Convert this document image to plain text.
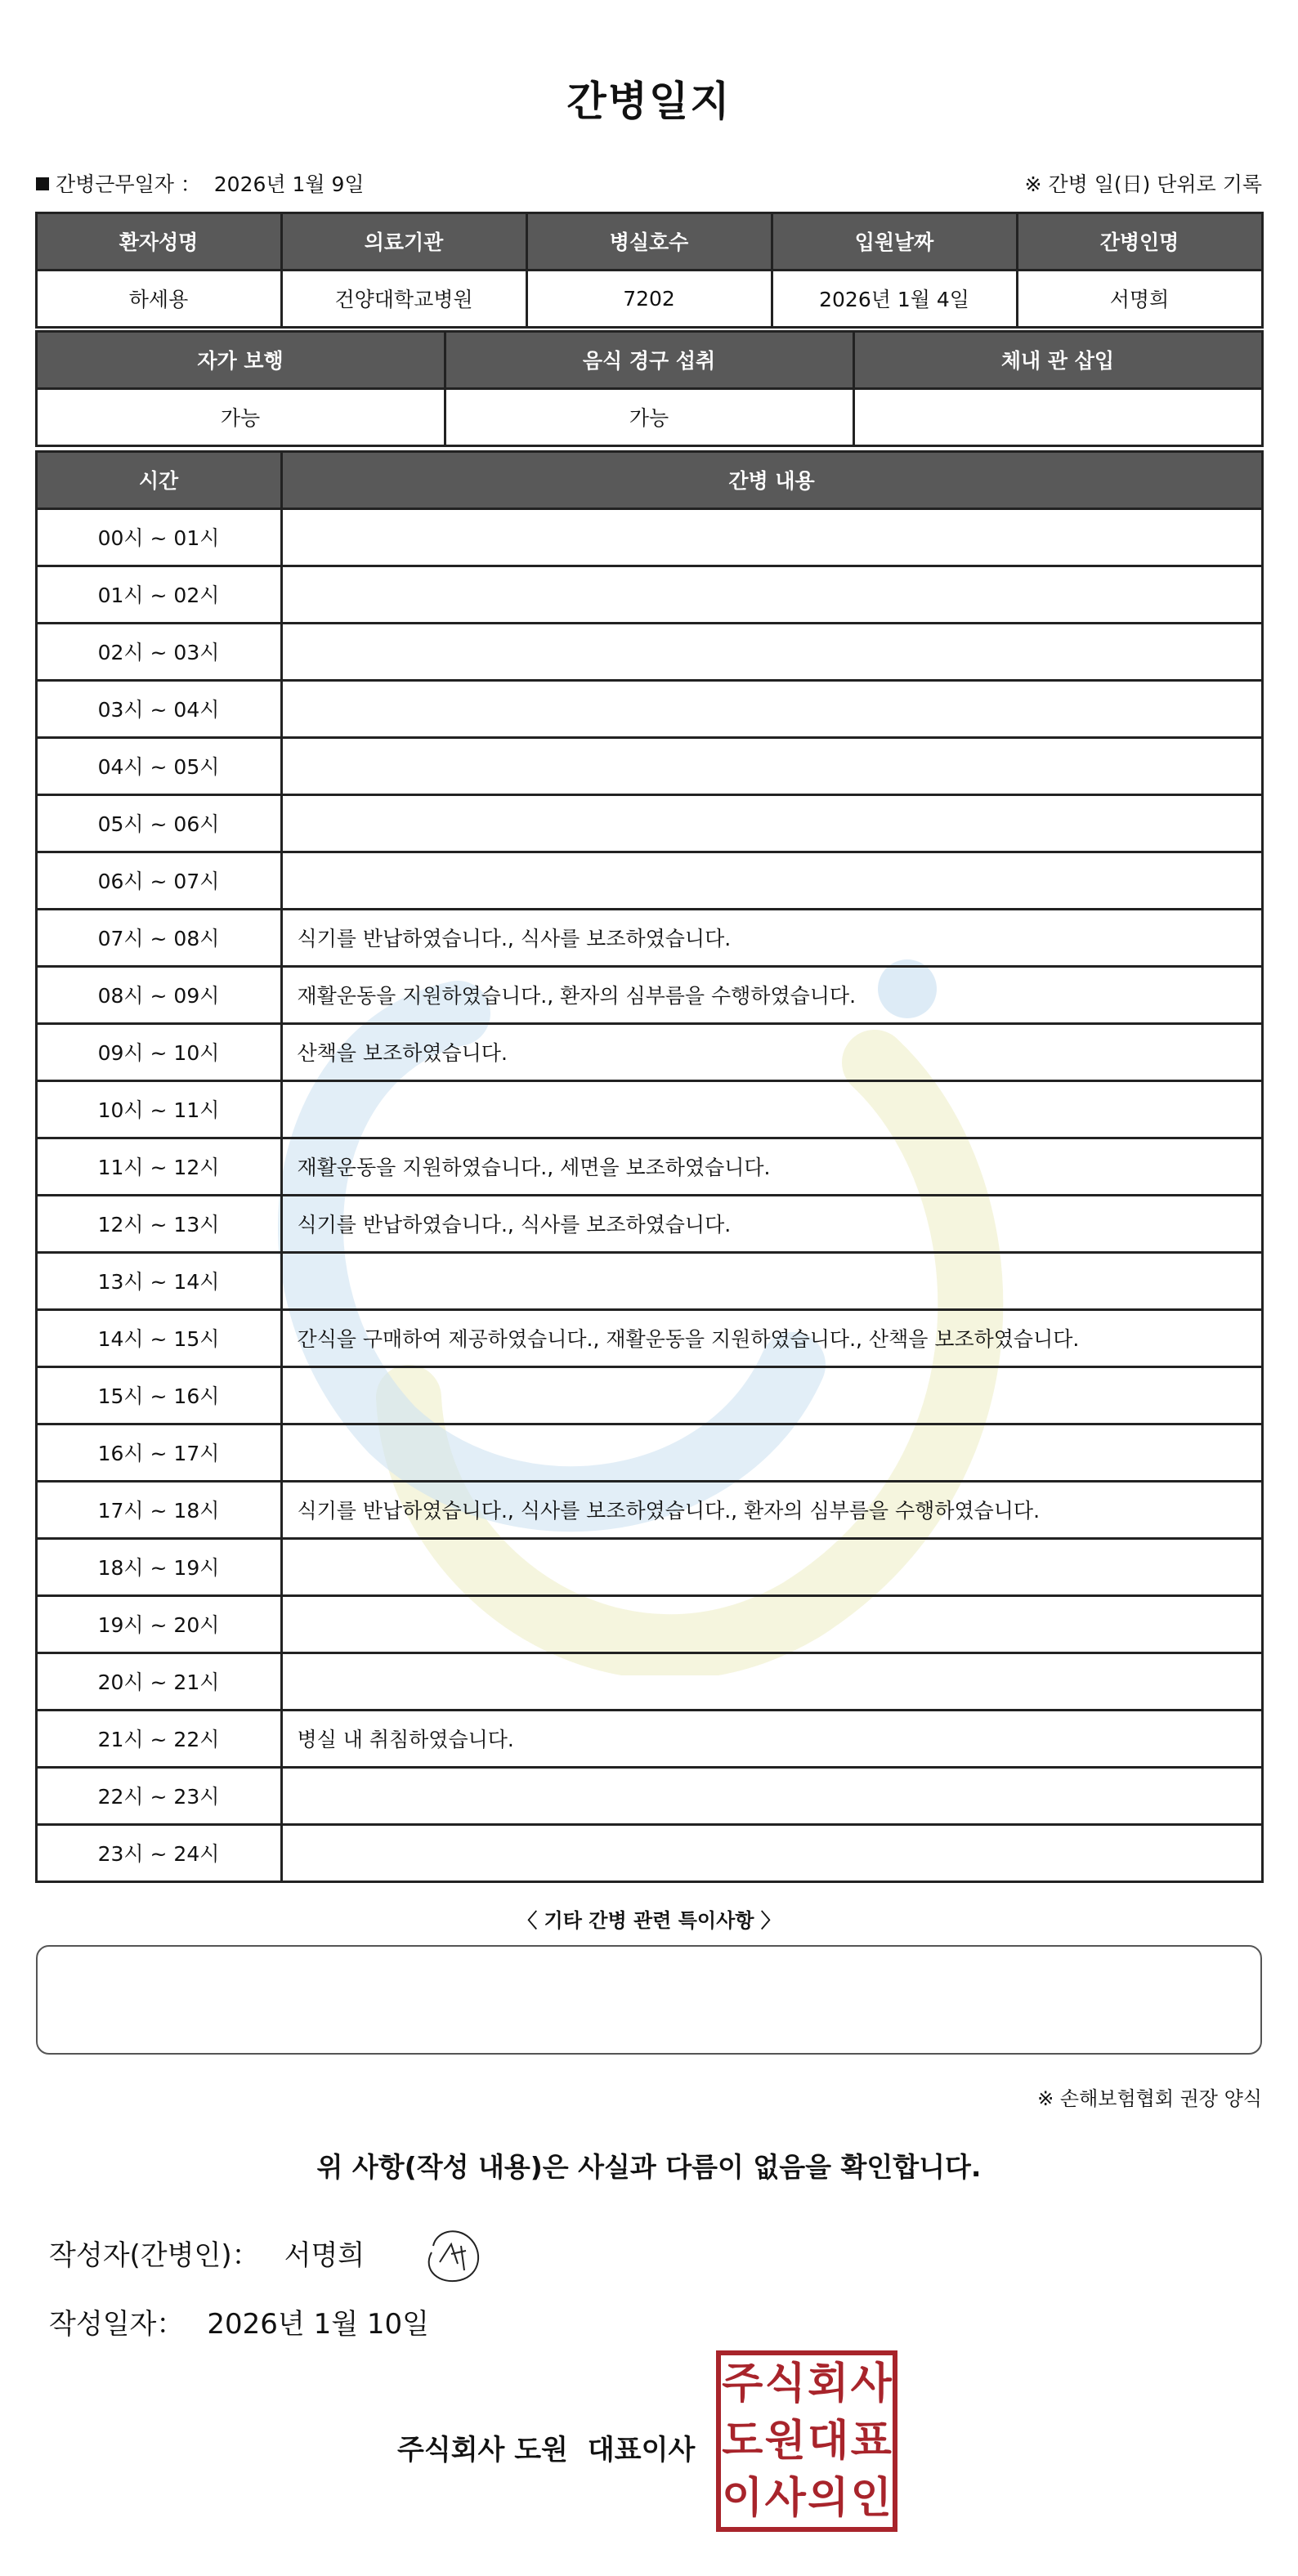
간병일지
간병근무일자 ： 2026년 1월 9일	※ 간병 일(日) 단위로 기록
환자성명	의료기관	병실호수	입원날짜	간병인명
하세용	건양대학교병원	7202	2026년 1월 4일	서명희
자가 보행	음식 경구 섭취	체내 관 삽입
가능	가능
시간	간병 내용
00시 ~ 01시
01시 ~ 02시
02시 ~ 03시
03시 ~ 04시
04시 ~ 05시
05시 ~ 06시
06시 ~ 07시
07시 ~ 08시	식기를 반납하였습니다., 식사를 보조하였습니다.
08시 ~ 09시	재활운동을 지원하였습니다., 환자의 심부름을 수행하였습니다.
09시 ~ 10시	산책을 보조하였습니다.
10시 ~ 11시
11시 ~ 12시	재활운동을 지원하였습니다., 세면을 보조하였습니다.
12시 ~ 13시	식기를 반납하였습니다., 식사를 보조하였습니다.
13시 ~ 14시
14시 ~ 15시	간식을 구매하여 제공하였습니다., 재활운동을 지원하였습니다., 산책을 보조하였습니다.
15시 ~ 16시
16시 ~ 17시
17시 ~ 18시	식기를 반납하였습니다., 식사를 보조하였습니다., 환자의 심부름을 수행하였습니다.
18시 ~ 19시
19시 ~ 20시
20시 ~ 21시
21시 ~ 22시	병실 내 취침하였습니다.
22시 ~ 23시
23시 ~ 24시
〈 기타 간병 관련 특이사항 〉
※ 손해보험협회 권장 양식
위 사항(작성 내용)은 사실과 다름이 없음을 확인합니다.
작성자(간병인)： 서명희
작성일자： 2026년 1월 10일
주식회사 도원 대표이사
주 식 회 사
도 원 대 표
이 사 의 인
